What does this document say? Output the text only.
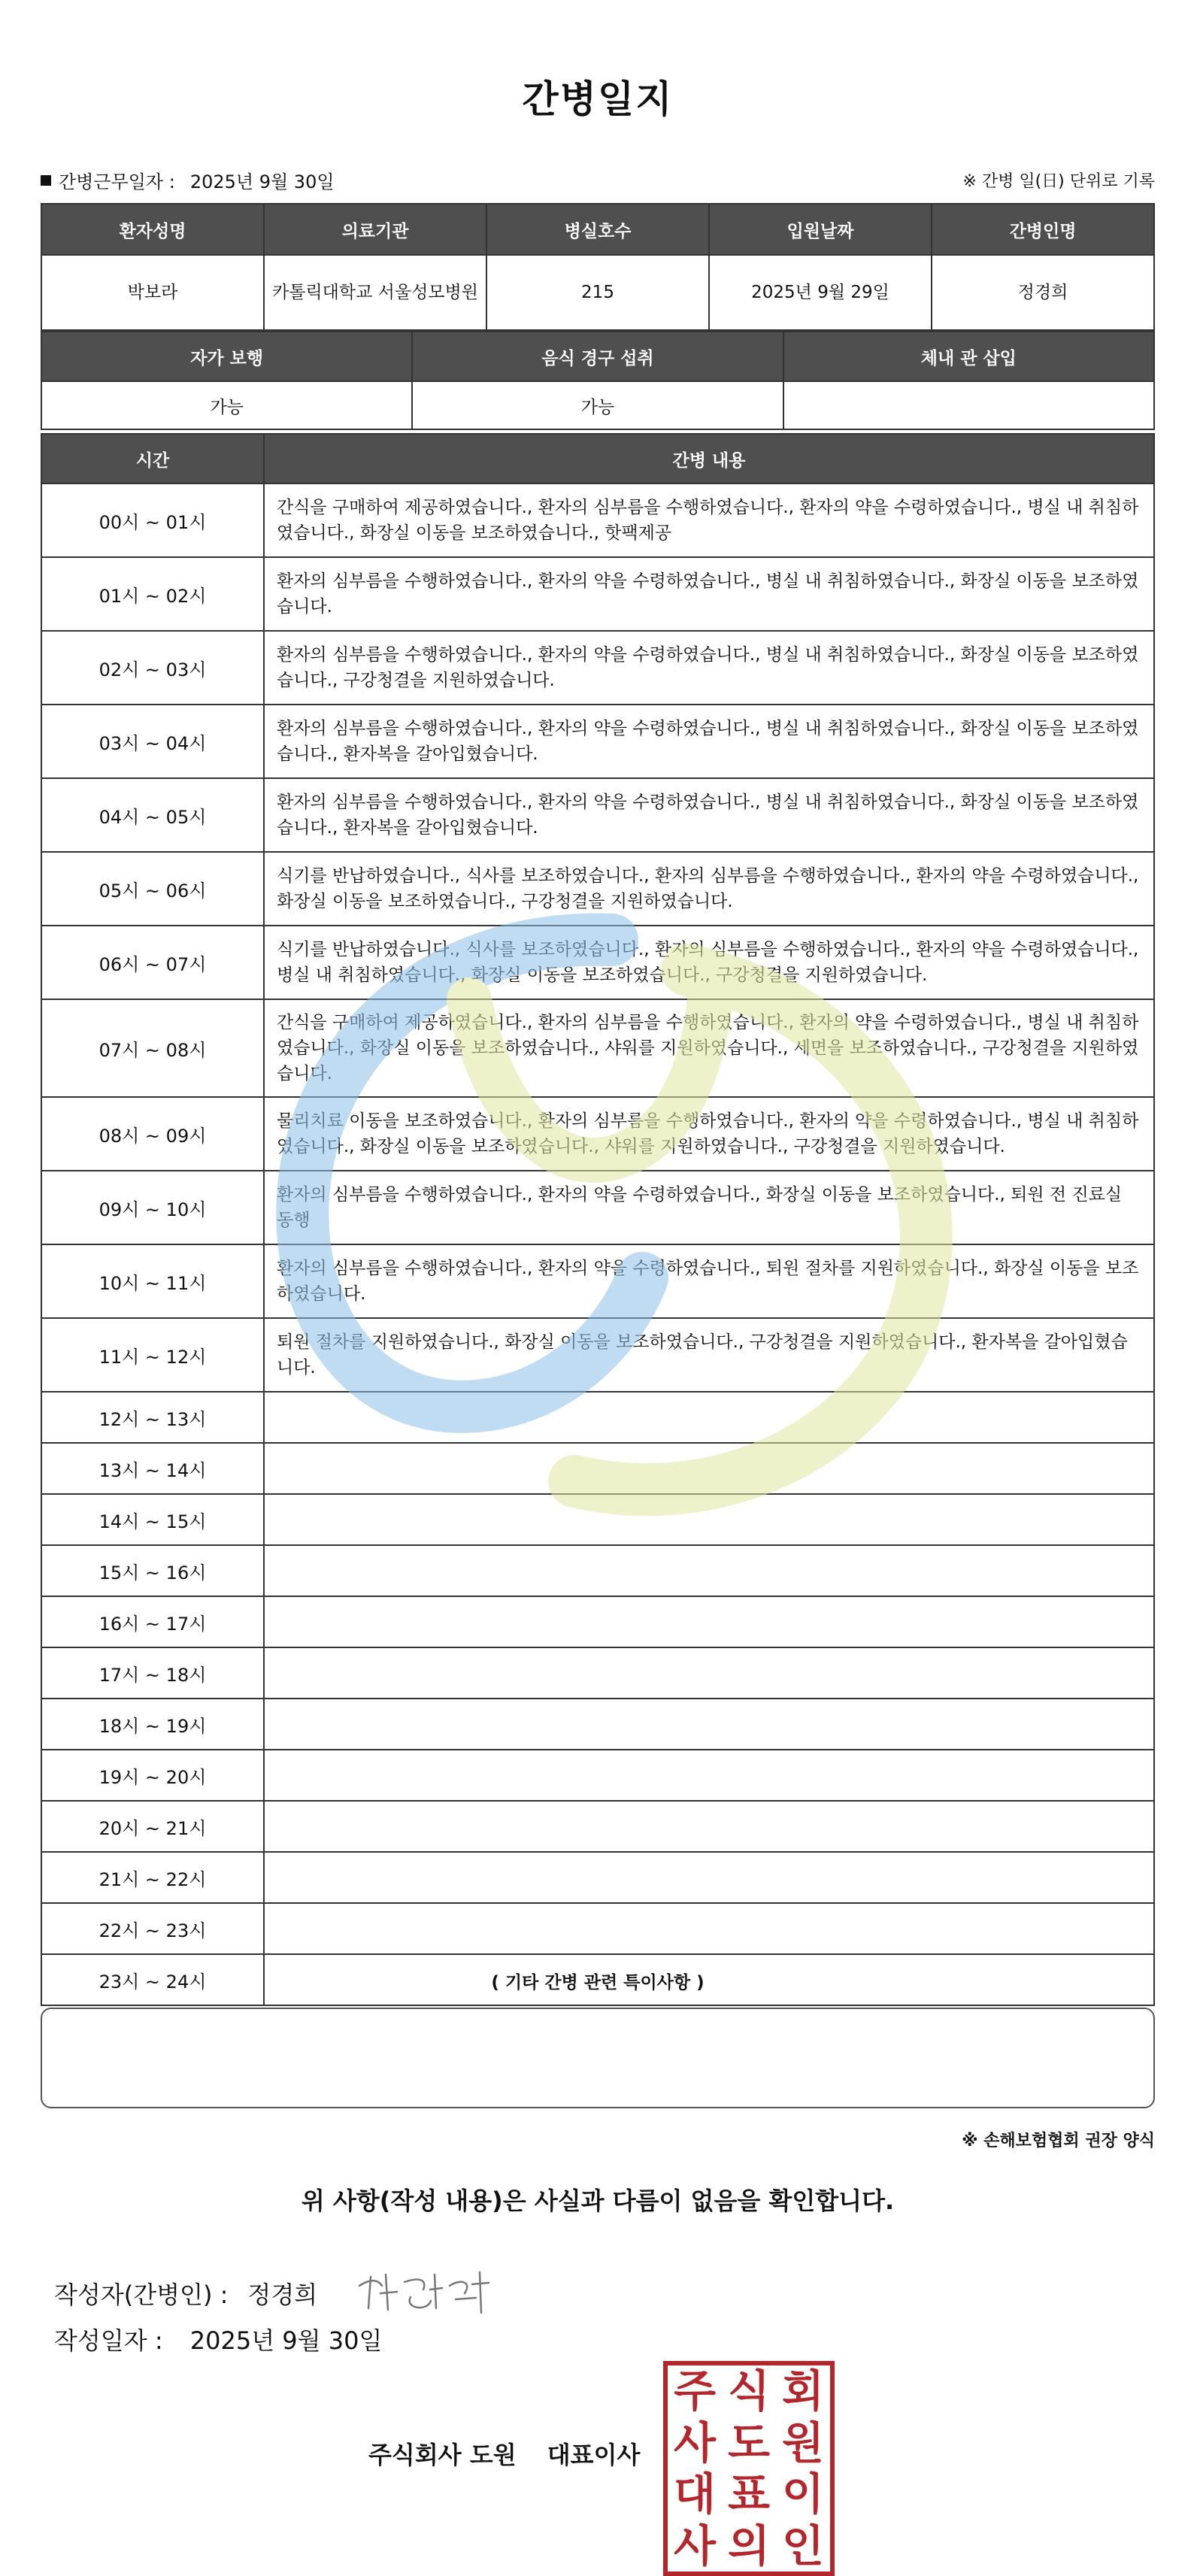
간병일지
간병근무일자 : 2025년 9월 30일	※ 간병 일(日) 단위로 기록
환자성명	의료기관	병실호수	입원날짜	간병인명
박보라	카톨릭대학교 서울성모병원	215	2025년 9월 29일	정경희
자가 보행	음식 경구 섭취	체내 관 삽입
가능	가능	
시간	간병 내용
00시 ~ 01시	간식을 구매하여 제공하였습니다., 환자의 심부름을 수행하였습니다., 환자의 약을 수령하였습니다., 병실 내 취침하였습니다., 화장실 이동을 보조하였습니다., 핫팩제공
01시 ~ 02시	환자의 심부름을 수행하였습니다., 환자의 약을 수령하였습니다., 병실 내 취침하였습니다., 화장실 이동을 보조하였습니다.
02시 ~ 03시	환자의 심부름을 수행하였습니다., 환자의 약을 수령하였습니다., 병실 내 취침하였습니다., 화장실 이동을 보조하였습니다., 구강청결을 지원하였습니다.
03시 ~ 04시	환자의 심부름을 수행하였습니다., 환자의 약을 수령하였습니다., 병실 내 취침하였습니다., 화장실 이동을 보조하였습니다., 환자복을 갈아입혔습니다.
04시 ~ 05시	환자의 심부름을 수행하였습니다., 환자의 약을 수령하였습니다., 병실 내 취침하였습니다., 화장실 이동을 보조하였습니다., 환자복을 갈아입혔습니다.
05시 ~ 06시	식기를 반납하였습니다., 식사를 보조하였습니다., 환자의 심부름을 수행하였습니다., 환자의 약을 수령하였습니다., 화장실 이동을 보조하였습니다., 구강청결을 지원하였습니다.
06시 ~ 07시	식기를 반납하였습니다., 식사를 보조하였습니다., 환자의 심부름을 수행하였습니다., 환자의 약을 수령하였습니다., 병실 내 취침하였습니다., 화장실 이동을 보조하였습니다., 구강청결을 지원하였습니다.
07시 ~ 08시	간식을 구매하여 제공하였습니다., 환자의 심부름을 수행하였습니다., 환자의 약을 수령하였습니다., 병실 내 취침하였습니다., 화장실 이동을 보조하였습니다., 샤워를 지원하였습니다., 세면을 보조하였습니다., 구강청결을 지원하였습니다.
08시 ~ 09시	물리치료 이동을 보조하였습니다., 환자의 심부름을 수행하였습니다., 환자의 약을 수령하였습니다., 병실 내 취침하였습니다., 화장실 이동을 보조하였습니다., 샤워를 지원하였습니다., 구강청결을 지원하였습니다.
09시 ~ 10시	환자의 심부름을 수행하였습니다., 환자의 약을 수령하였습니다., 화장실 이동을 보조하였습니다., 퇴원 전 진료실 동행
10시 ~ 11시	환자의 심부름을 수행하였습니다., 환자의 약을 수령하였습니다., 퇴원 절차를 지원하였습니다., 화장실 이동을 보조하였습니다.
11시 ~ 12시	퇴원 절차를 지원하였습니다., 화장실 이동을 보조하였습니다., 구강청결을 지원하였습니다., 환자복을 갈아입혔습니다.
12시 ~ 13시	
13시 ~ 14시	
14시 ~ 15시	
15시 ~ 16시	
16시 ~ 17시	
17시 ~ 18시	
18시 ~ 19시	
19시 ~ 20시	
20시 ~ 21시	
21시 ~ 22시	
22시 ~ 23시	
23시 ~ 24시		( 기타 간병 관련 특이사항 )
※ 손해보험협회 권장 양식
위 사항(작성 내용)은 사실과 다름이 없음을 확인합니다.
작성자(간병인) : 정경희
작성일자 : 2025년 9월 30일
주식회사 도원 대표이사
주 식 회
사 도 원
대 표 이
사 의 인
